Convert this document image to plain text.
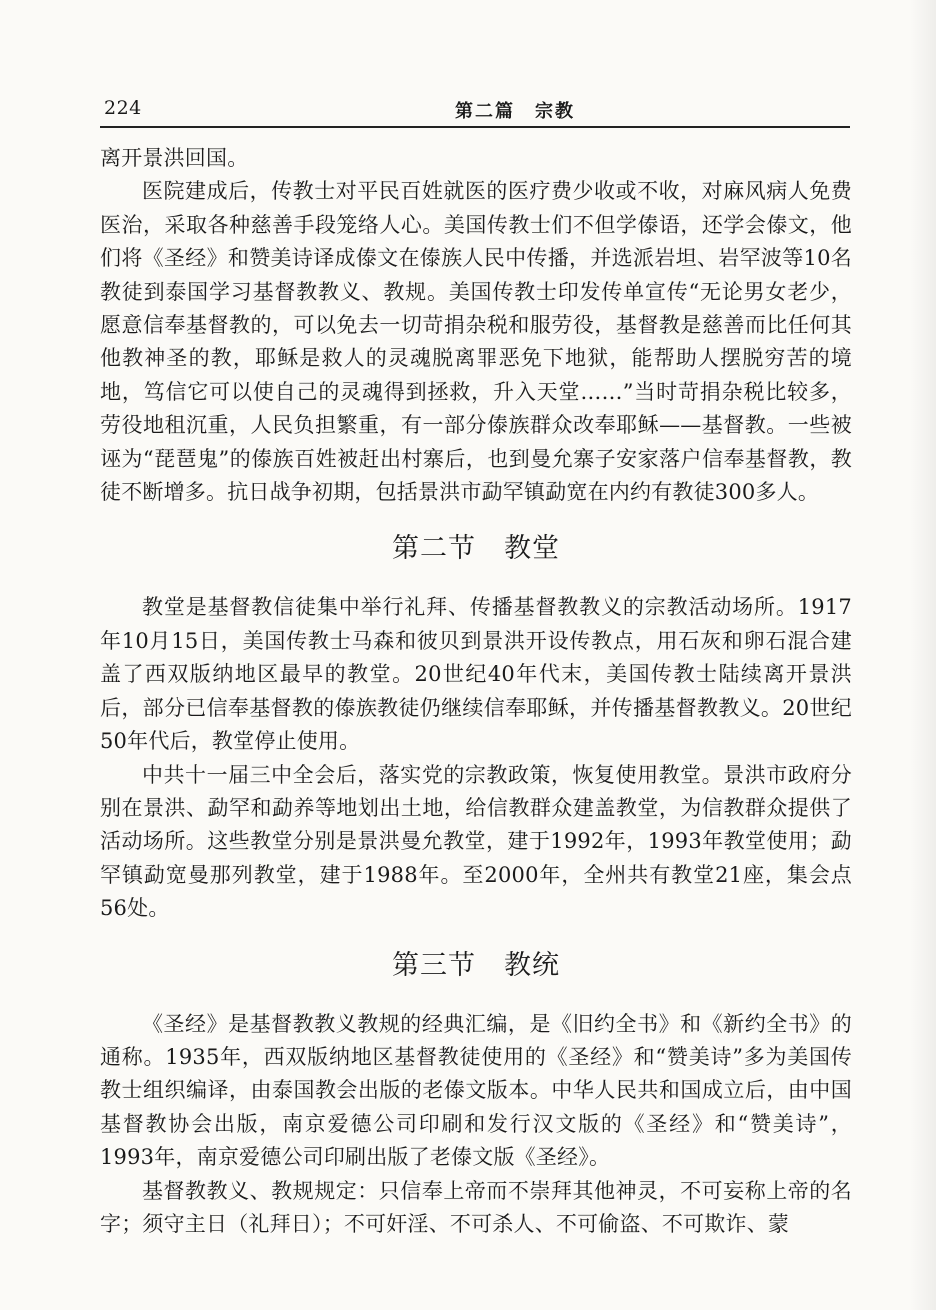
224	第二篇　宗教

离开景洪回国。

医院建成后，传教士对平民百姓就医的医疗费少收或不收，对麻风病人免费医治，采取各种慈善手段笼络人心。美国传教士们不但学傣语，还学会傣文，他们将《圣经》和赞美诗译成傣文在傣族人民中传播，并选派岩坦、岩罕波等10名教徒到泰国学习基督教教义、教规。美国传教士印发传单宣传“无论男女老少，愿意信奉基督教的，可以免去一切苛捐杂税和服劳役，基督教是慈善而比任何其他教神圣的教，耶稣是救人的灵魂脱离罪恶免下地狱，能帮助人摆脱穷苦的境地，笃信它可以使自己的灵魂得到拯救，升入天堂……”当时苛捐杂税比较多，劳役地租沉重，人民负担繁重，有一部分傣族群众改奉耶稣——基督教。一些被诬为“琵琶鬼”的傣族百姓被赶出村寨后，也到曼允寨子安家落户信奉基督教，教徒不断增多。抗日战争初期，包括景洪市勐罕镇勐宽在内约有教徒300多人。

第二节 教堂

教堂是基督教信徒集中举行礼拜、传播基督教教义的宗教活动场所。1917年10月15日，美国传教士马森和彼贝到景洪开设传教点，用石灰和卵石混合建盖了西双版纳地区最早的教堂。20世纪40年代末，美国传教士陆续离开景洪后，部分已信奉基督教的傣族教徒仍继续信奉耶稣，并传播基督教教义。20世纪50年代后，教堂停止使用。

中共十一届三中全会后，落实党的宗教政策，恢复使用教堂。景洪市政府分别在景洪、勐罕和勐养等地划出土地，给信教群众建盖教堂，为信教群众提供了活动场所。这些教堂分别是景洪曼允教堂，建于1992年，1993年教堂使用；勐罕镇勐宽曼那列教堂，建于1988年。至2000年，全州共有教堂21座，集会点56处。

第三节 教统

《圣经》是基督教教义教规的经典汇编，是《旧约全书》和《新约全书》的通称。1935年，西双版纳地区基督教徒使用的《圣经》和“赞美诗”多为美国传教士组织编译，由泰国教会出版的老傣文版本。中华人民共和国成立后，由中国基督教协会出版，南京爱德公司印刷和发行汉文版的《圣经》和“赞美诗”，1993年，南京爱德公司印刷出版了老傣文版《圣经》。

基督教教义、教规规定：只信奉上帝而不崇拜其他神灵，不可妄称上帝的名字；须守主日（礼拜日）；不可奸淫、不可杀人、不可偷盗、不可欺诈、蒙
